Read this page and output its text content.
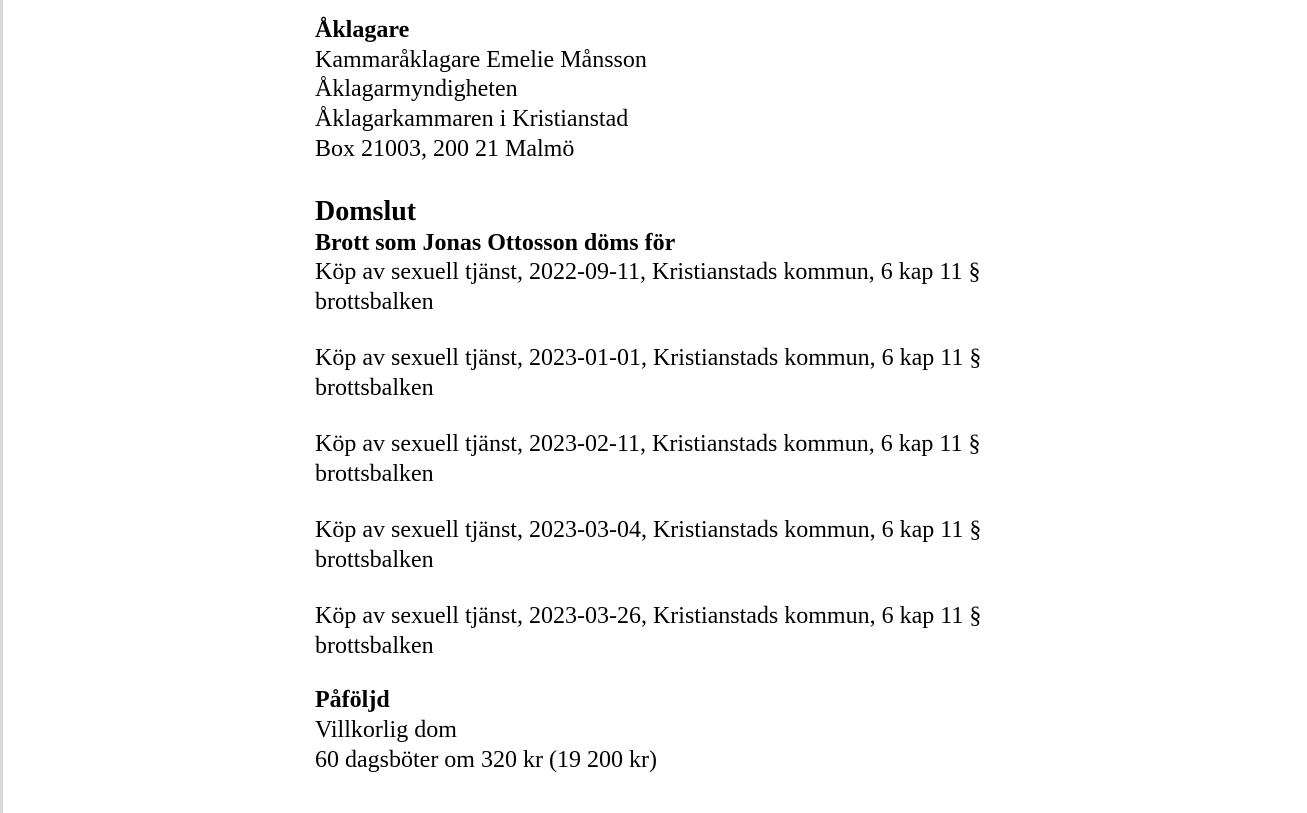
Åklagare
Kammaråklagare Emelie Månsson
Åklagarmyndigheten
Åklagarkammaren i Kristianstad
Box 21003, 200 21 Malmö
Domslut
Brott som Jonas Ottosson döms för
Köp av sexuell tjänst, 2022-09-11, Kristianstads kommun, 6 kap 11 §
brottsbalken
Köp av sexuell tjänst, 2023-01-01, Kristianstads kommun, 6 kap 11 §
brottsbalken
Köp av sexuell tjänst, 2023-02-11, Kristianstads kommun, 6 kap 11 §
brottsbalken
Köp av sexuell tjänst, 2023-03-04, Kristianstads kommun, 6 kap 11 §
brottsbalken
Köp av sexuell tjänst, 2023-03-26, Kristianstads kommun, 6 kap 11 §
brottsbalken
Påföljd
Villkorlig dom
60 dagsböter om 320 kr (19 200 kr)
